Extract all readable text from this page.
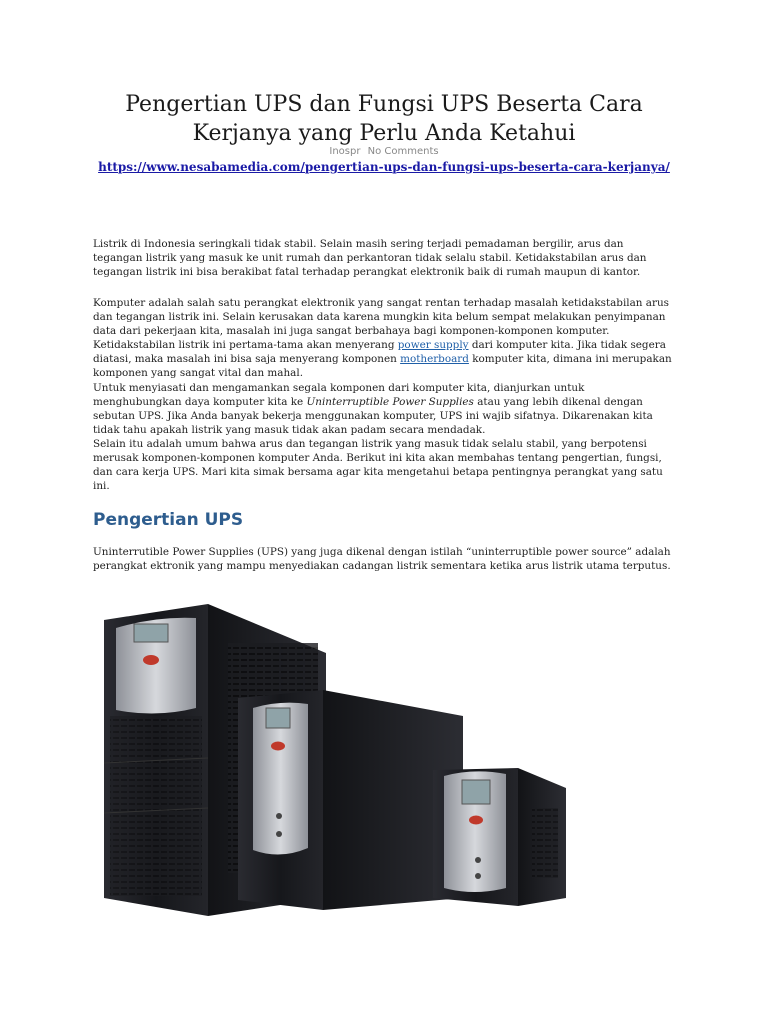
Pengertian UPS dan Fungsi UPS Beserta Cara
Kerjanya yang Perlu Anda Ketahui
Inospr No Comments
https://www.nesabamedia.com/pengertian-ups-dan-fungsi-ups-beserta-cara-kerjanya/

Listrik di Indonesia seringkali tidak stabil. Selain masih sering terjadi pemadaman bergilir, arus dan tegangan listrik yang masuk ke unit rumah dan perkantoran tidak selalu stabil. Ketidakstabilan arus dan tegangan listrik ini bisa berakibat fatal terhadap perangkat elektronik baik di rumah maupun di kantor.

Komputer adalah salah satu perangkat elektronik yang sangat rentan terhadap masalah ketidakstabilan arus dan tegangan listrik ini. Selain kerusakan data karena mungkin kita belum sempat melakukan penyimpanan data dari pekerjaan kita, masalah ini juga sangat berbahaya bagi komponen-komponen komputer. Ketidakstabilan listrik ini pertama-tama akan menyerang power supply dari komputer kita. Jika tidak segera diatasi, maka masalah ini bisa saja menyerang komponen motherboard komputer kita, dimana ini merupakan komponen yang sangat vital dan mahal.

Untuk menyiasati dan mengamankan segala komponen dari komputer kita, dianjurkan untuk menghubungkan daya komputer kita ke Uninterruptible Power Supplies atau yang lebih dikenal dengan sebutan UPS. Jika Anda banyak bekerja menggunakan komputer, UPS ini wajib sifatnya. Dikarenakan kita tidak tahu apakah listrik yang masuk tidak akan padam secara mendadak.

Selain itu adalah umum bahwa arus dan tegangan listrik yang masuk tidak selalu stabil, yang berpotensi merusak komponen-komponen komputer Anda. Berikut ini kita akan membahas tentang pengertian, fungsi, dan cara kerja UPS. Mari kita simak bersama agar kita mengetahui betapa pentingnya perangkat yang satu ini.

Pengertian UPS

Uninterrutible Power Supplies (UPS) yang juga dikenal dengan istilah “uninterruptible power source” adalah perangkat ektronik yang mampu menyediakan cadangan listrik sementara ketika arus listrik utama terputus.
